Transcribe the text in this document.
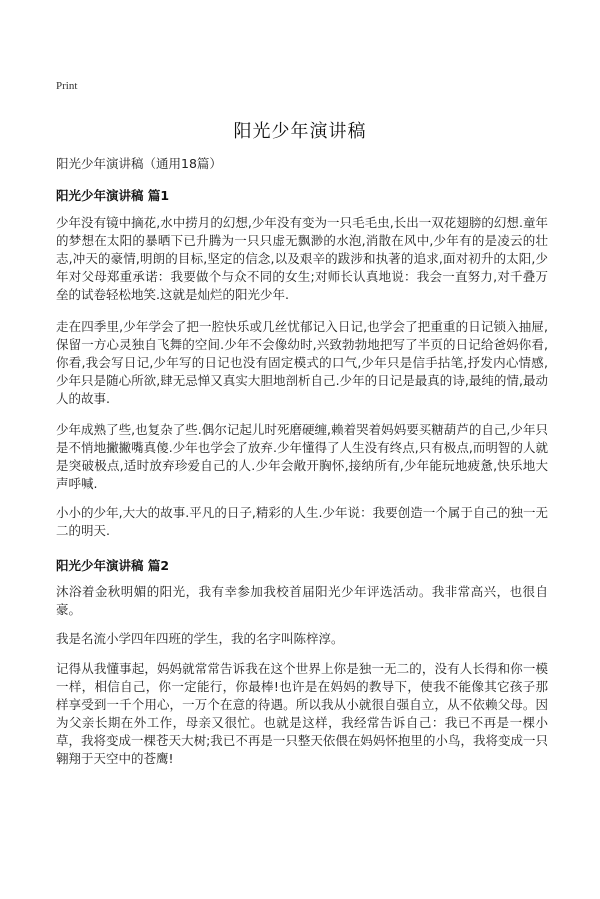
Print
阳光少年演讲稿
阳光少年演讲稿（通用18篇）
阳光少年演讲稿 篇1
少年没有镜中摘花,水中捞月的幻想,少年没有变为一只毛毛虫,长出一双花翅膀的幻想.童年的梦想在太阳的暴晒下已升腾为一只只虚无飘渺的水泡,消散在风中,少年有的是凌云的壮志,冲天的豪情,明朗的目标,坚定的信念,以及艰辛的跋涉和执著的追求,面对初升的太阳,少年对父母郑重承诺：我要做个与众不同的女生;对师长认真地说：我会一直努力,对千叠万垒的试卷轻松地笑.这就是灿烂的阳光少年.
走在四季里,少年学会了把一腔快乐或几丝忧郁记入日记,也学会了把重重的日记锁入抽屉,保留一方心灵独自飞舞的空间.少年不会像幼时,兴致勃勃地把写了半页的日记给爸妈你看,你看,我会写日记,少年写的日记也没有固定模式的口气,少年只是信手拈笔,抒发内心情感,少年只是随心所欲,肆无忌惮又真实大胆地剖析自己.少年的日记是最真的诗,最纯的情,最动人的故事.
少年成熟了些,也复杂了些.偶尔记起儿时死磨硬缠,赖着哭着妈妈要买糖葫芦的自己,少年只是不悄地撇撇嘴真傻.少年也学会了放弃.少年懂得了人生没有终点,只有极点,而明智的人就是突破极点,适时放弃珍爱自己的人.少年会敞开胸怀,接纳所有,少年能玩地疲惫,快乐地大声呼喊.
小小的少年,大大的故事.平凡的日子,精彩的人生.少年说：我要创造一个属于自己的独一无二的明天.
阳光少年演讲稿 篇2
沐浴着金秋明媚的阳光，我有幸参加我校首届阳光少年评选活动。我非常高兴，也很自豪。
我是名流小学四年四班的学生，我的名字叫陈梓淳。
记得从我懂事起，妈妈就常常告诉我在这个世界上你是独一无二的，没有人长得和你一模一样，相信自己，你一定能行，你最棒!也许是在妈妈的教导下，使我不能像其它孩子那样享受到一千个用心，一万个在意的待遇。所以我从小就很自强自立，从不依赖父母。因为父亲长期在外工作，母亲又很忙。也就是这样，我经常告诉自己：我已不再是一棵小草，我将变成一棵苍天大树;我已不再是一只整天依偎在妈妈怀抱里的小鸟，我将变成一只翱翔于天空中的苍鹰!
